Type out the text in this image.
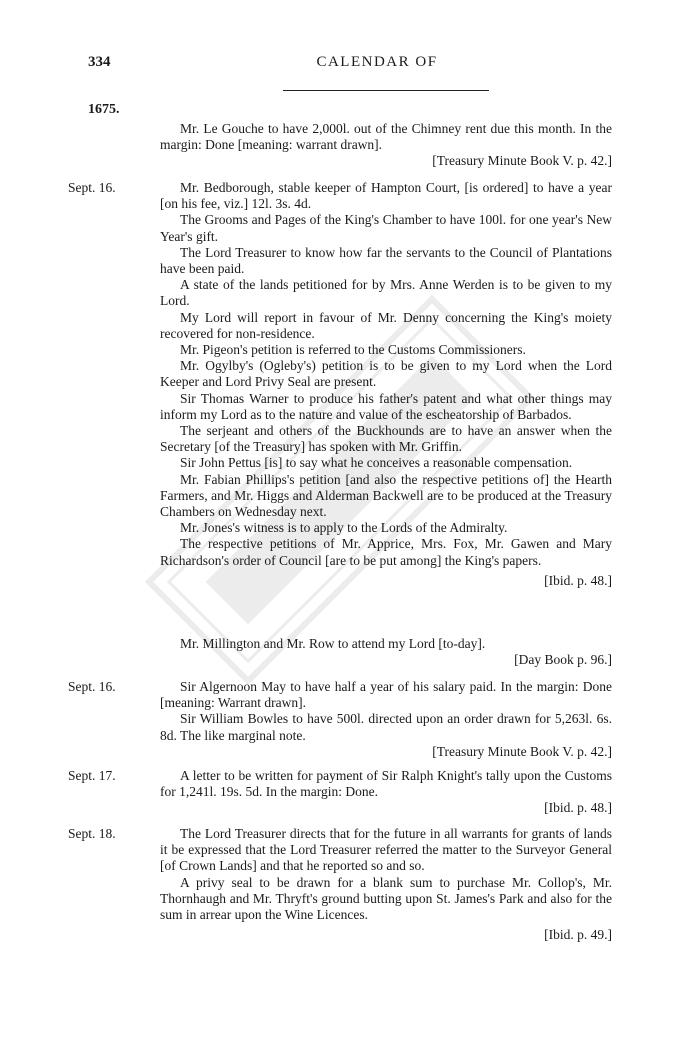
334	CALENDAR OF
1675.

Mr. Le Gouche to have 2,000l. out of the Chimney rent due this month. In the margin: Done [meaning: warrant drawn].

[Treasury Minute Book V. p. 42.]

Sept. 16.	Mr. Bedborough, stable keeper of Hampton Court, [is ordered] to have a year [on his fee, viz.] 12l. 3s. 4d.

The Grooms and Pages of the King's Chamber to have 100l. for one year's New Year's gift.

The Lord Treasurer to know how far the servants to the Council of Plantations have been paid.

A state of the lands petitioned for by Mrs. Anne Werden is to be given to my Lord.

My Lord will report in favour of Mr. Denny concerning the King's moiety recovered for non-residence.

Mr. Pigeon's petition is referred to the Customs Commissioners.

Mr. Ogylby's (Ogleby's) petition is to be given to my Lord when the Lord Keeper and Lord Privy Seal are present.

Sir Thomas Warner to produce his father's patent and what other things may inform my Lord as to the nature and value of the escheatorship of Barbados.

The serjeant and others of the Buckhounds are to have an answer when the Secretary [of the Treasury] has spoken with Mr. Griffin.

Sir John Pettus [is] to say what he conceives a reasonable compensation.

Mr. Fabian Phillips's petition [and also the respective petitions of] the Hearth Farmers, and Mr. Higgs and Alderman Backwell are to be produced at the Treasury Chambers on Wednesday next.

Mr. Jones's witness is to apply to the Lords of the Admiralty.

The respective petitions of Mr. Apprice, Mrs. Fox, Mr. Gawen and Mary Richardson's order of Council [are to be put among] the King's papers.

[Ibid. p. 48.]

Mr. Millington and Mr. Row to attend my Lord [to-day].

[Day Book p. 96.]

Sept. 16.	Sir Algernoon May to have half a year of his salary paid. In the margin: Done [meaning: Warrant drawn].

Sir William Bowles to have 500l. directed upon an order drawn for 5,263l. 6s. 8d. The like marginal note.

[Treasury Minute Book V. p. 42.]

Sept. 17.	A letter to be written for payment of Sir Ralph Knight's tally upon the Customs for 1,241l. 19s. 5d. In the margin: Done.

[Ibid. p. 48.]

Sept. 18.	The Lord Treasurer directs that for the future in all warrants for grants of lands it be expressed that the Lord Treasurer referred the matter to the Surveyor General [of Crown Lands] and that he reported so and so.

A privy seal to be drawn for a blank sum to purchase Mr. Collop's, Mr. Thornhaugh and Mr. Thryft's ground butting upon St. James's Park and also for the sum in arrear upon the Wine Licences.

[Ibid. p. 49.]
